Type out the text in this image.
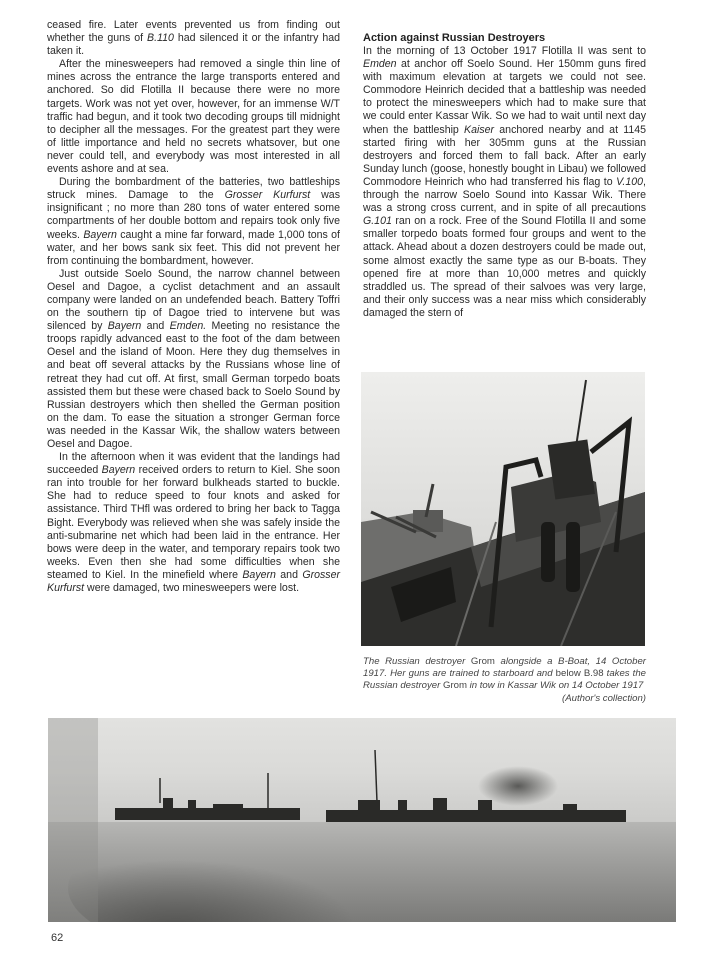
ceased fire. Later events prevented us from finding out whether the guns of B.110 had silenced it or the infantry had taken it.

After the minesweepers had removed a single thin line of mines across the entrance the large transports entered and anchored. So did Flotilla II because there were no more targets. Work was not yet over, however, for an immense W/T traffic had begun, and it took two decoding groups till midnight to decipher all the messages. For the greatest part they were of little importance and held no secrets whatsover, but one never could tell, and everybody was most interested in all events ashore and at sea.

During the bombardment of the batteries, two battleships struck mines. Damage to the Grosser Kurfurst was insignificant ; no more than 280 tons of water entered some compartments of her double bottom and repairs took only five weeks. Bayern caught a mine far forward, made 1,000 tons of water, and her bows sank six feet. This did not prevent her from continuing the bombardment, however.

Just outside Soelo Sound, the narrow channel between Oesel and Dagoe, a cyclist detachment and an assault company were landed on an undefended beach. Battery Toffri on the southern tip of Dagoe tried to intervene but was silenced by Bayern and Emden. Meeting no resistance the troops rapidly advanced east to the foot of the dam between Oesel and the island of Moon. Here they dug themselves in and beat off several attacks by the Russians whose line of retreat they had cut off. At first, small German torpedo boats assisted them but these were chased back to Soelo Sound by Russian destroyers which then shelled the German position on the dam. To ease the situation a stronger German force was needed in the Kassar Wik, the shallow waters between Oesel and Dagoe.

In the afternoon when it was evident that the landings had succeeded Bayern received orders to return to Kiel. She soon ran into trouble for her forward bulkheads started to buckle. She had to reduce speed to four knots and asked for assistance. Third THfl was ordered to bring her back to Tagga Bight. Everybody was relieved when she was safely inside the anti-submarine net which had been laid in the entrance. Her bows were deep in the water, and temporary repairs took two weeks. Even then she had some difficulties when she steamed to Kiel. In the minefield where Bayern and Grosser Kurfurst were damaged, two minesweepers were lost.

Action against Russian Destroyers

In the morning of 13 October 1917 Flotilla II was sent to Emden at anchor off Soelo Sound. Her 150mm guns fired with maximum elevation at targets we could not see. Commodore Heinrich decided that a battleship was needed to protect the minesweepers which had to make sure that we could enter Kassar Wik. So we had to wait until next day when the battleship Kaiser anchored nearby and at 1145 started firing with her 305mm guns at the Russian destroyers and forced them to fall back. After an early Sunday lunch (goose, honestly bought in Libau) we followed Commodore Heinrich who had transferred his flag to V.100, through the narrow Soelo Sound into Kassar Wik. There was a strong cross current, and in spite of all precautions G.101 ran on a rock. Free of the Sound Flotilla II and some smaller torpedo boats formed four groups and went to the attack. Ahead about a dozen destroyers could be made out, some almost exactly the same type as our B-boats. They opened fire at more than 10,000 metres and quickly straddled us. The spread of their salvoes was very large, and their only success was a near miss which considerably damaged the stern of

The Russian destroyer Grom alongside a B-Boat, 14 October 1917. Her guns are trained to starboard and below B.98 takes the Russian destroyer Grom in tow in Kassar Wik on 14 October 1917
(Author's collection)
62
